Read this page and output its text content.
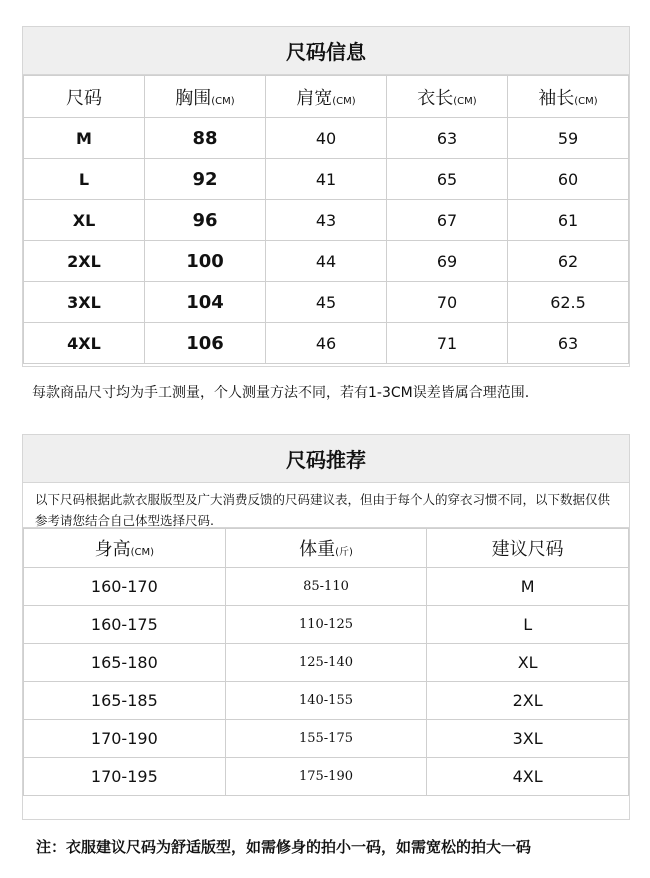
尺码信息
尺码	胸围(CM)	肩宽(CM)	衣长(CM)	袖长(CM)
M	88	40	63	59
L	92	41	65	60
XL	96	43	67	61
2XL	100	44	69	62
3XL	104	45	70	62.5
4XL	106	46	71	63
每款商品尺寸均为手工测量，个人测量方法不同，若有1-3CM误差皆属合理范围.
尺码推荐
以下尺码根据此款衣服版型及广大消费反馈的尺码建议表，但由于每个人的穿衣习惯不同，以下数据仅供参考请您结合自己体型选择尺码.
身高(CM)	体重(斤)	建议尺码
160-170	85-110	M
160-175	110-125	L
165-180	125-140	XL
165-185	140-155	2XL
170-190	155-175	3XL
170-195	175-190	4XL
注：衣服建议尺码为舒适版型，如需修身的拍小一码，如需宽松的拍大一码
